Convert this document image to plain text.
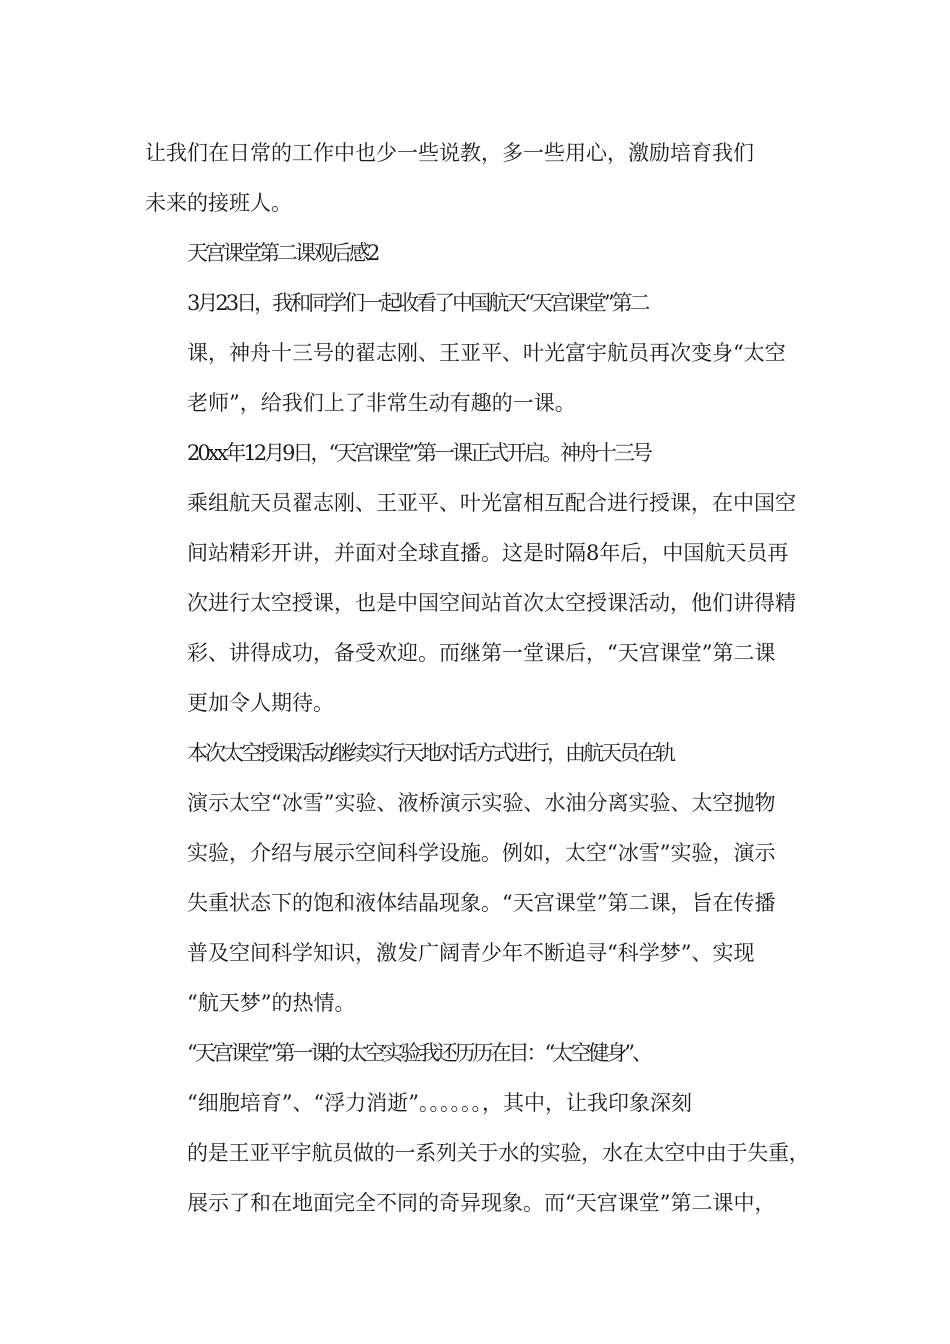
让我们在日常的工作中也少一些说教，多一些用心，激励培育我们
未来的接班人。

天宫课堂第二课观后感2

3月23日，我和同学们一起收看了中国航天“天宫课堂”第二
课，神舟十三号的翟志刚、王亚平、叶光富宇航员再次变身“太空
老师”，给我们上了非常生动有趣的一课。

20xx年12月9日，“天宫课堂”第一课正式开启。神舟十三号
乘组航天员翟志刚、王亚平、叶光富相互配合进行授课，在中国空
间站精彩开讲，并面对全球直播。这是时隔8年后，中国航天员再
次进行太空授课，也是中国空间站首次太空授课活动，他们讲得精
彩、讲得成功，备受欢迎。而继第一堂课后，“天宫课堂”第二课
更加令人期待。

本次太空授课活动继续实行天地对话方式进行，由航天员在轨
演示太空“冰雪”实验、液桥演示实验、水油分离实验、太空抛物
实验，介绍与展示空间科学设施。例如，太空“冰雪”实验，演示
失重状态下的饱和液体结晶现象。“天宫课堂”第二课，旨在传播
普及空间科学知识，激发广阔青少年不断追寻“科学梦”、实现
“航天梦”的热情。

“天宫课堂”第一课的太空实验我还历历在目：“太空健身”、
“细胞培育”、“浮力消逝”。。。。。。，其中，让我印象深刻
的是王亚平宇航员做的一系列关于水的实验，水在太空中由于失重，
展示了和在地面完全不同的奇异现象。而“天宫课堂”第二课中，
